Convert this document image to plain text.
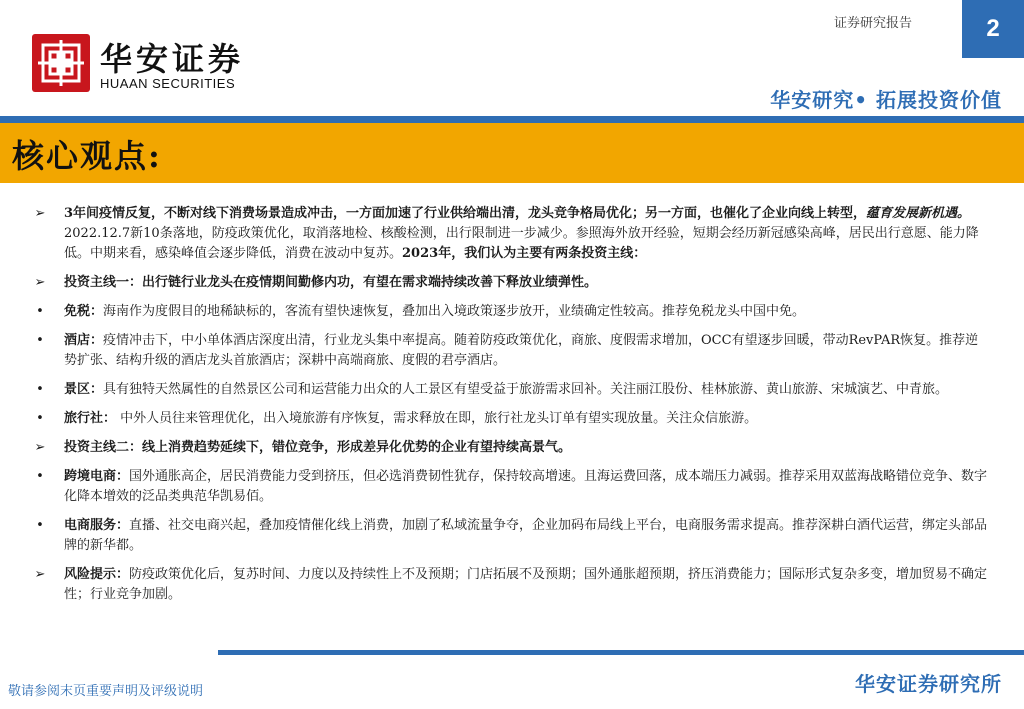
华安证券
HUAAN SECURITIES
证券研究报告	2
华安研究• 拓展投资价值
核心观点:
➢	3年间疫情反复，不断对线下消费场景造成冲击，一方面加速了行业供给端出清，龙头竞争格局优化；另一方面，也催化了企业向线上转型，蕴育发展新机遇。2022.12.7新10条落地，防疫政策优化，取消落地检、核酸检测，出行限制进一步减少。参照海外放开经验，短期会经历新冠感染高峰，居民出行意愿、能力降低。中期来看，感染峰值会逐步降低，消费在波动中复苏。2023年，我们认为主要有两条投资主线：
➢	投资主线一：出行链行业龙头在疫情期间勤修内功，有望在需求端持续改善下释放业绩弹性。
•	免税：海南作为度假目的地稀缺标的，客流有望快速恢复，叠加出入境政策逐步放开，业绩确定性较高。推荐免税龙头中国中免。
•	酒店：疫情冲击下，中小单体酒店深度出清，行业龙头集中率提高。随着防疫政策优化，商旅、度假需求增加，OCC有望逐步回暖，带动RevPAR恢复。推荐逆势扩张、结构升级的酒店龙头首旅酒店；深耕中高端商旅、度假的君亭酒店。
•	景区：具有独特天然属性的自然景区公司和运营能力出众的人工景区有望受益于旅游需求回补。关注丽江股份、桂林旅游、黄山旅游、宋城演艺、中青旅。
•	旅行社： 中外人员往来管理优化，出入境旅游有序恢复，需求释放在即，旅行社龙头订单有望实现放量。关注众信旅游。
➢	投资主线二：线上消费趋势延续下，错位竞争，形成差异化优势的企业有望持续高景气。
•	跨境电商：国外通胀高企，居民消费能力受到挤压，但必选消费韧性犹存，保持较高增速。且海运费回落，成本端压力减弱。推荐采用双蓝海战略错位竞争、数字化降本增效的泛品类典范华凯易佰。
•	电商服务：直播、社交电商兴起，叠加疫情催化线上消费，加剧了私域流量争夺，企业加码布局线上平台，电商服务需求提高。推荐深耕白酒代运营，绑定头部品牌的新华都。
➢	风险提示：防疫政策优化后，复苏时间、力度以及持续性上不及预期；门店拓展不及预期；国外通胀超预期，挤压消费能力；国际形式复杂多变，增加贸易不确定性；行业竞争加剧。
敬请参阅末页重要声明及评级说明	华安证券研究所
